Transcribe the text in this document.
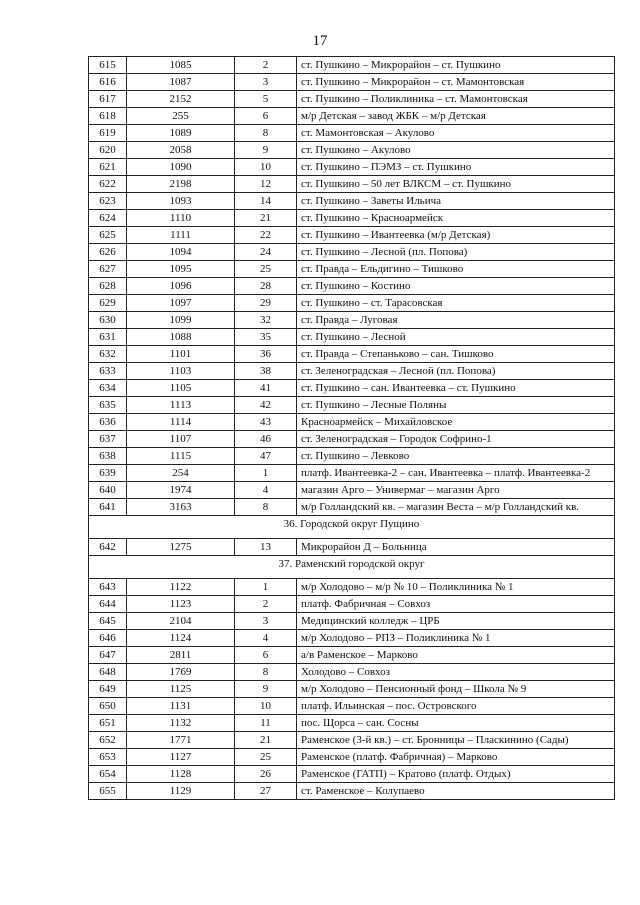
17
615	1085	2	ст. Пушкино – Микрорайон – ст. Пушкино
616	1087	3	ст. Пушкино – Микрорайон – ст. Мамонтовская
617	2152	5	ст. Пушкино – Поликлиника – ст. Мамонтовская
618	255	6	м/р Детская – завод ЖБК – м/р Детская
619	1089	8	ст. Мамонтовская – Акулово
620	2058	9	ст. Пушкино – Акулово
621	1090	10	ст. Пушкино – ПЭМЗ – ст. Пушкино
622	2198	12	ст. Пушкино – 50 лет ВЛКСМ – ст. Пушкино
623	1093	14	ст. Пушкино – Заветы Ильича
624	1110	21	ст. Пушкино – Красноармейск
625	1111	22	ст. Пушкино – Ивантеевка (м/р Детская)
626	1094	24	ст. Пушкино – Лесной (пл. Попова)
627	1095	25	ст. Правда – Ельдигино – Тишково
628	1096	28	ст. Пушкино – Костино
629	1097	29	ст. Пушкино – ст. Тарасовская
630	1099	32	ст. Правда – Луговая
631	1088	35	ст. Пушкино – Лесной
632	1101	36	ст. Правда – Степаньково – сан. Тишково
633	1103	38	ст. Зеленоградская – Лесной (пл. Попова)
634	1105	41	ст. Пушкино – сан. Ивантеевка – ст. Пушкино
635	1113	42	ст. Пушкино – Лесные Поляны
636	1114	43	Красноармейск – Михайловское
637	1107	46	ст. Зеленоградская – Городок Софрино-1
638	1115	47	ст. Пушкино – Левково
639	254	1	платф. Ивантеевка-2 – сан. Ивантеевка – платф. Ивантеевка-2
640	1974	4	магазин Арго – Универмаг – магазин Арго
641	3163	8	м/р Голландский кв. – магазин Веста – м/р Голландский кв.
36. Городской округ Пущино			
642	1275	13	Микрорайон Д – Больница
37. Раменский городской округ			
643	1122	1	м/р Холодово – м/р № 10 – Поликлиника № 1
644	1123	2	платф. Фабричная – Совхоз
645	2104	3	Медицинский колледж – ЦРБ
646	1124	4	м/р Холодово – РПЗ – Поликлиника № 1
647	2811	6	а/в Раменское – Марково
648	1769	8	Холодово – Совхоз
649	1125	9	м/р Холодово – Пенсионный фонд – Школа № 9
650	1131	10	платф. Ильинская – пос. Островского
651	1132	11	пос. Щорса – сан. Сосны
652	1771	21	Раменское (3-й кв.) – ст. Бронницы – Пласкинино (Сады)
653	1127	25	Раменское (платф. Фабричная) – Марково
654	1128	26	Раменское (ГАТП) – Кратово (платф. Отдых)
655	1129	27	ст. Раменское – Колупаево
